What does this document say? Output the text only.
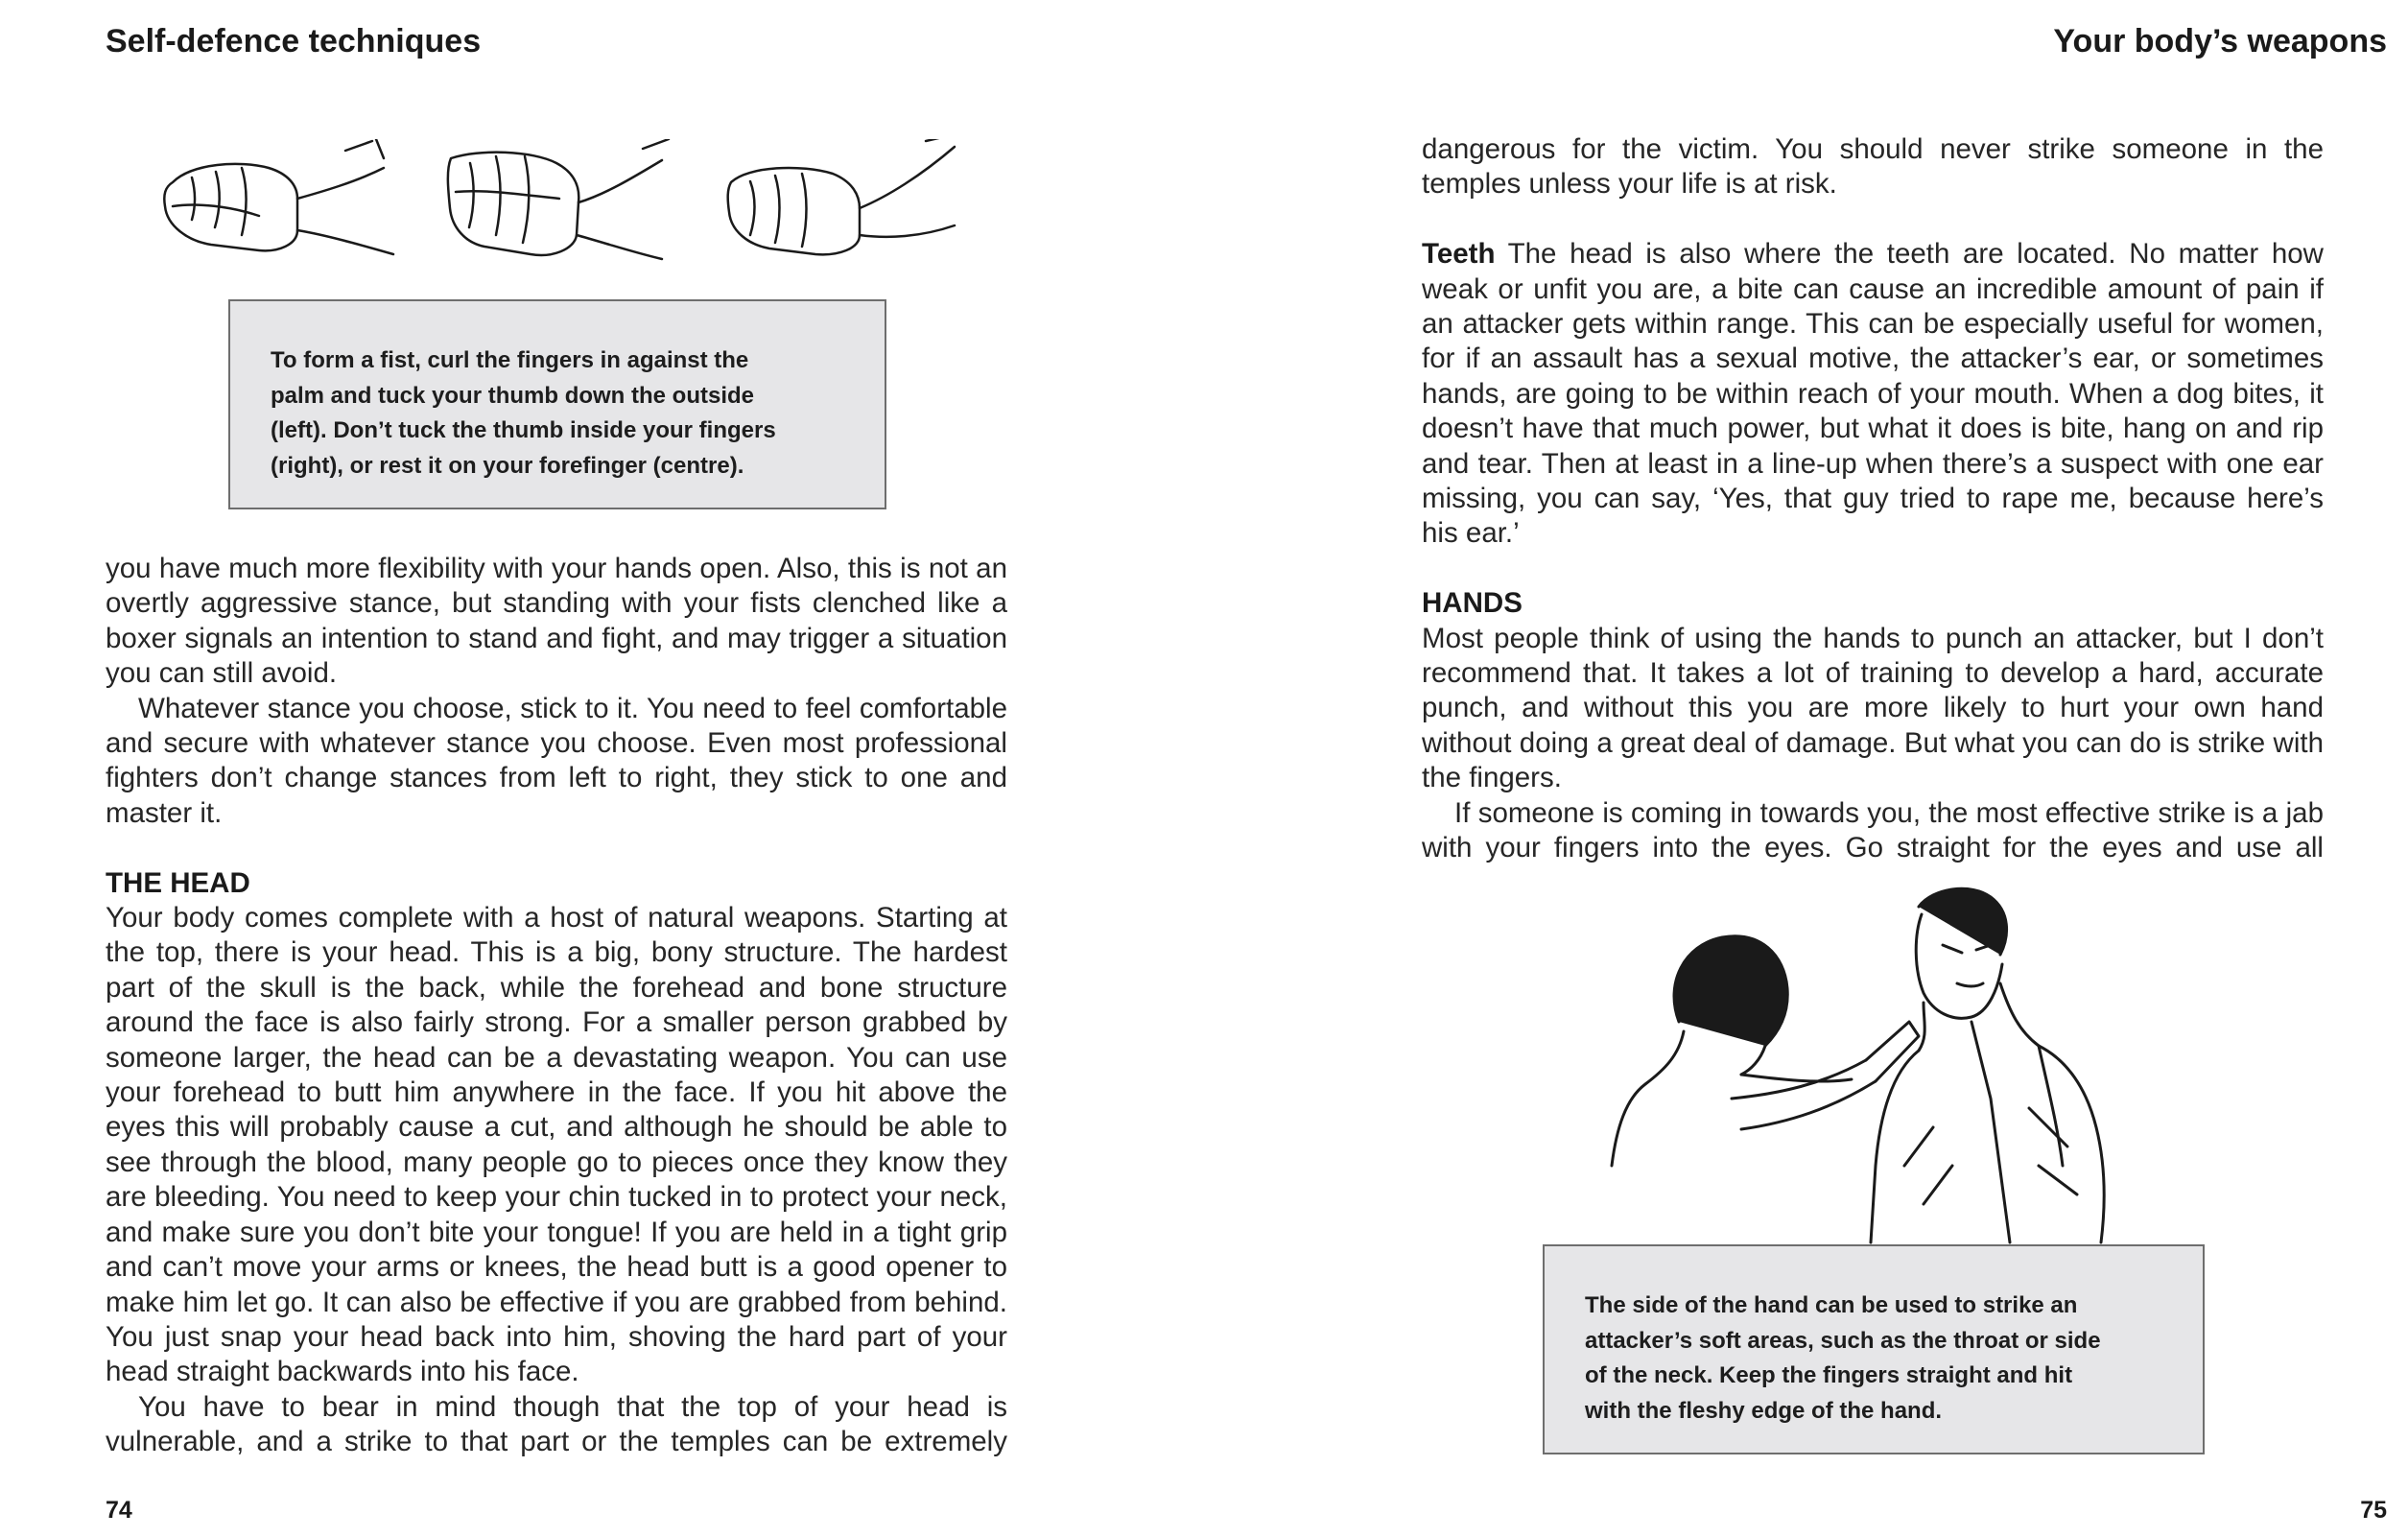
Self-defence techniques
To form a fist, curl the fingers in against the
palm and tuck your thumb down the outside
(left). Don’t tuck the thumb inside your fingers
(right), or rest it on your forefinger (centre).

you have much more flexibility with your hands open. Also, this is not an overtly aggressive stance, but standing with your fists clenched like a boxer signals an intention to stand and fight, and may trigger a situation you can still avoid.

Whatever stance you choose, stick to it. You need to feel comfortable and secure with whatever stance you choose. Even most professional fighters don’t change stances from left to right, they stick to one and master it.

THE HEAD

Your body comes complete with a host of natural weapons. Starting at the top, there is your head. This is a big, bony structure. The hardest part of the skull is the back, while the forehead and bone structure around the face is also fairly strong. For a smaller person grabbed by someone larger, the head can be a devastating weapon. You can use your forehead to butt him anywhere in the face. If you hit above the eyes this will probably cause a cut, and although he should be able to see through the blood, many people go to pieces once they know they are bleeding. You need to keep your chin tucked in to protect your neck, and make sure you don’t bite your tongue! If you are held in a tight grip and can’t move your arms or knees, the head butt is a good opener to make him let go. It can also be effective if you are grabbed from behind. You just snap your head back into him, shoving the hard part of your head straight backwards into his face.

You have to bear in mind though that the top of your head is vulnerable, and a strike to that part or the temples can be extremely

74
Your body’s weapons

dangerous for the victim. You should never strike someone in the temples unless your life is at risk.

Teeth The head is also where the teeth are located. No matter how weak or unfit you are, a bite can cause an incredible amount of pain if an attacker gets within range. This can be especially useful for women, for if an assault has a sexual motive, the attacker’s ear, or sometimes hands, are going to be within reach of your mouth. When a dog bites, it doesn’t have that much power, but what it does is bite, hang on and rip and tear. Then at least in a line-up when there’s a suspect with one ear missing, you can say, ‘Yes, that guy tried to rape me, because here’s his ear.’

HANDS

Most people think of using the hands to punch an attacker, but I don’t recommend that. It takes a lot of training to develop a hard, accurate punch, and without this you are more likely to hurt your own hand without doing a great deal of damage. But what you can do is strike with the fingers.

If someone is coming in towards you, the most effective strike is a jab with your fingers into the eyes. Go straight for the eyes and use all

The side of the hand can be used to strike an
attacker’s soft areas, such as the throat or side
of the neck. Keep the fingers straight and hit
with the fleshy edge of the hand.
75
